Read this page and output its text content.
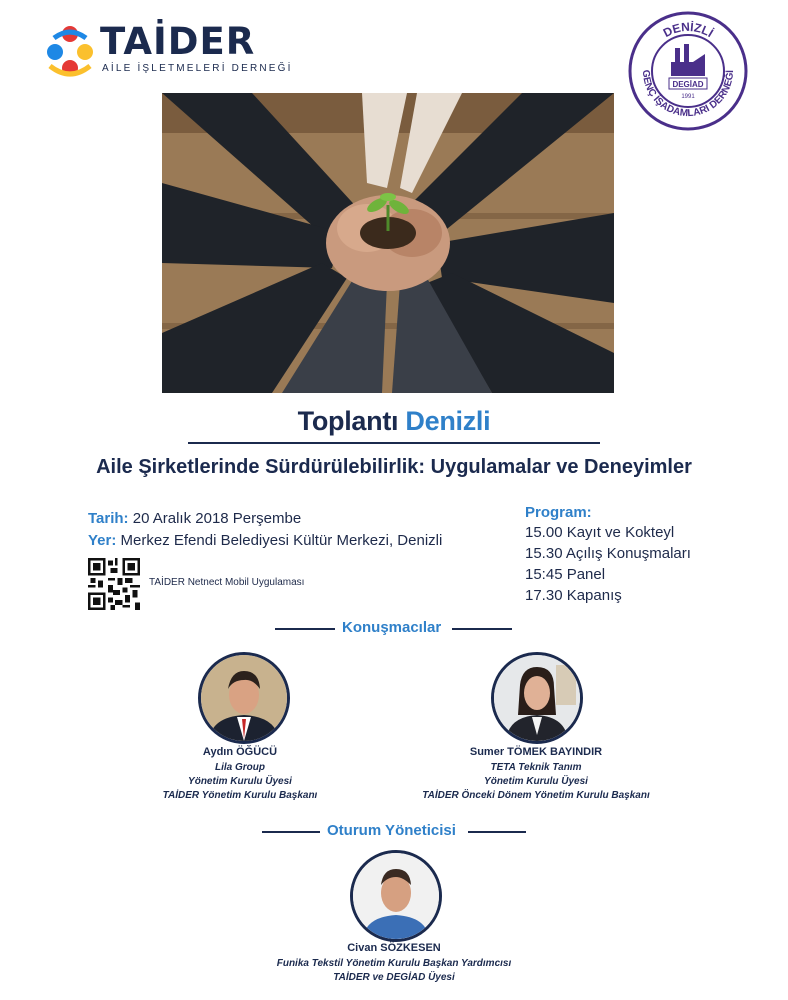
TAİDER
AİLE İŞLETMELERİ DERNEĞİ
DENİZLİ
GENÇ İŞADAMLARI DERNEĞİ
DEGİAD
1991
Toplantı Denizli
Aile Şirketlerinde Sürdürülebilirlik: Uygulamalar ve Deneyimler
Tarih: 20 Aralık 2018 Perşembe
Yer: Merkez Efendi Belediyesi Kültür Merkezi, Denizli
TAİDER Netnect Mobil Uygulaması
Program:
15.00 Kayıt ve Kokteyl
15.30 Açılış Konuşmaları
15:45 Panel
17.30 Kapanış
Konuşmacılar
Aydın ÖĞÜCÜ
Lila Group
Yönetim Kurulu Üyesi
TAİDER Yönetim Kurulu Başkanı
Sumer TÖMEK BAYINDIR
TETA Teknik Tanım
Yönetim Kurulu Üyesi
TAİDER Önceki Dönem Yönetim Kurulu Başkanı
Oturum Yöneticisi
Civan SÖZKESEN
Funika Tekstil Yönetim Kurulu Başkan Yardımcısı
TAİDER ve DEGİAD Üyesi
